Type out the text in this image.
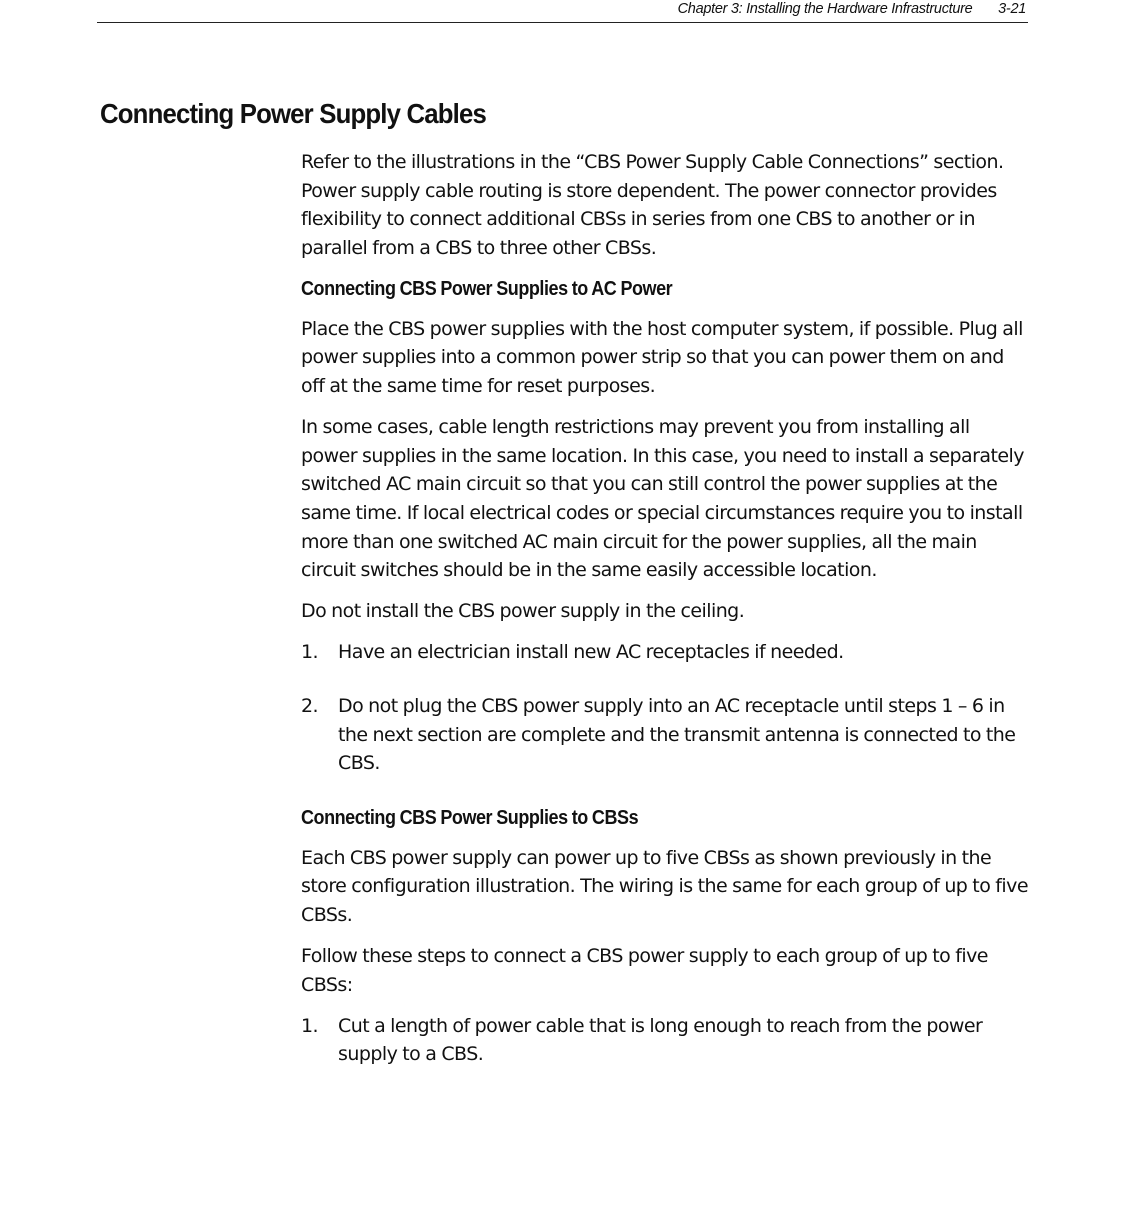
Chapter 3: Installing the Hardware Infrastructure 3-21
Connecting Power Supply Cables

Refer to the illustrations in the “CBS Power Supply Cable Connections” section. Power supply cable routing is store dependent. The power connector provides flexibility to connect additional CBSs in series from one CBS to another or in parallel from a CBS to three other CBSs.

Connecting CBS Power Supplies to AC Power

Place the CBS power supplies with the host computer system, if possible. Plug all power supplies into a common power strip so that you can power them on and off at the same time for reset purposes.

In some cases, cable length restrictions may prevent you from installing all power supplies in the same location. In this case, you need to install a separately switched AC main circuit so that you can still control the power supplies at the same time. If local electrical codes or special circumstances require you to install more than one switched AC main circuit for the power supplies, all the main circuit switches should be in the same easily accessible location.

Do not install the CBS power supply in the ceiling.

1.	Have an electrician install new AC receptacles if needed.
2.	Do not plug the CBS power supply into an AC receptacle until steps 1 – 6 in the next section are complete and the transmit antenna is connected to the CBS.
Connecting CBS Power Supplies to CBSs

Each CBS power supply can power up to five CBSs as shown previously in the store configuration illustration. The wiring is the same for each group of up to five CBSs.

Follow these steps to connect a CBS power supply to each group of up to five CBSs:

1.	Cut a length of power cable that is long enough to reach from the power supply to a CBS.
